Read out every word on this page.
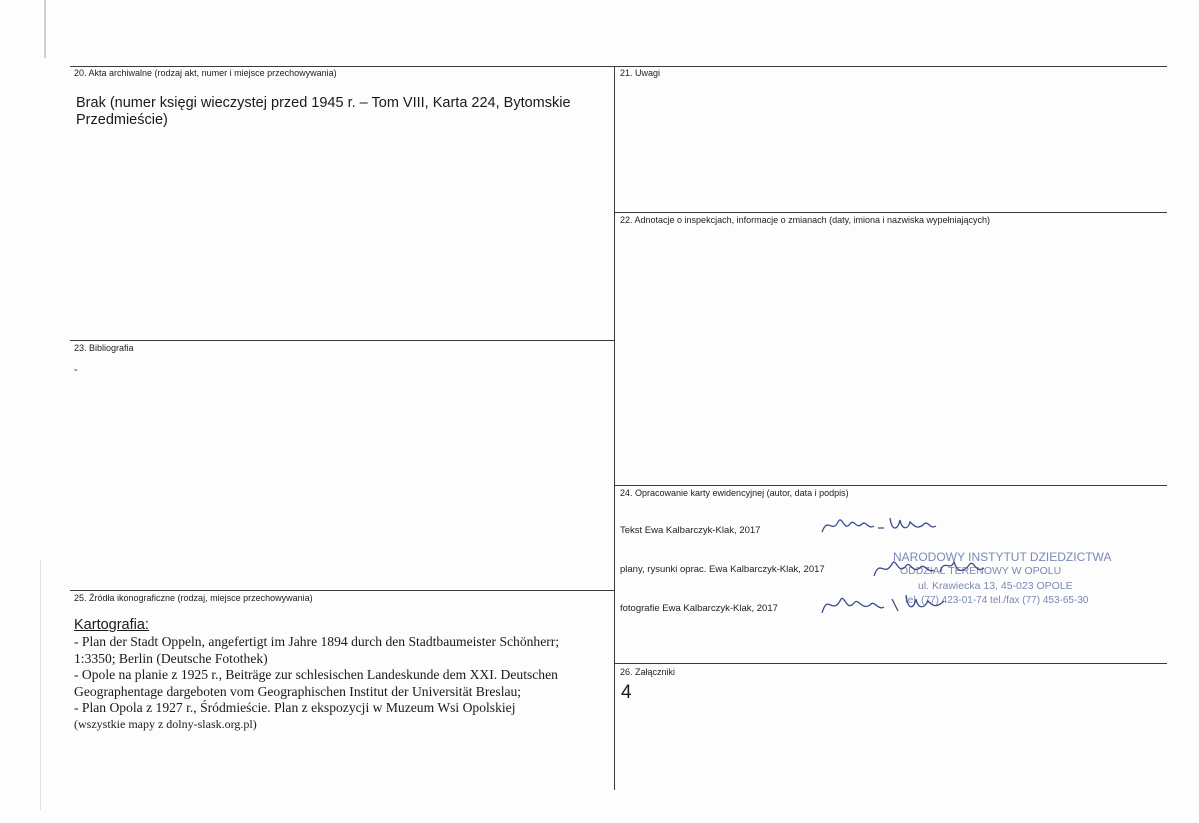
20. Akta archiwalne (rodzaj akt, numer i miejsce przechowywania)
Brak (numer księgi wieczystej przed 1945 r. – Tom VIII, Karta 224, Bytomskie Przedmieście)
21. Uwagi
22. Adnotacje o inspekcjach, informacje o zmianach (daty, imiona i nazwiska wypełniających)
23. Bibliografia
-
24. Opracowanie karty ewidencyjnej (autor, data i podpis)
Tekst Ewa Kalbarczyk-Klak, 2017
plany, rysunki oprac. Ewa Kalbarczyk-Klak, 2017
fotografie Ewa Kalbarczyk-Klak, 2017
NARODOWY INSTYTUT DZIEDZICTWA
ODDZIAŁ TERENOWY W OPOLU
ul. Krawiecka 13, 45-023 OPOLE
tel. (77) 423-01-74 tel./fax (77) 453-65-30
25. Źródła ikonograficzne (rodzaj, miejsce przechowywania)
Kartografia:
- Plan der Stadt Oppeln, angefertigt im Jahre 1894 durch den Stadtbaumeister Schönherr; 1:3350; Berlin (Deutsche Fotothek)
- Opole na planie z 1925 r., Beiträge zur schlesischen Landeskunde dem XXI. Deutschen Geographentage dargeboten vom Geographischen Institut der Universität Breslau;
- Plan Opola z 1927 r., Śródmieście. Plan z ekspozycji w Muzeum Wsi Opolskiej
(wszystkie mapy z dolny-slask.org.pl)
26. Załączniki
4
